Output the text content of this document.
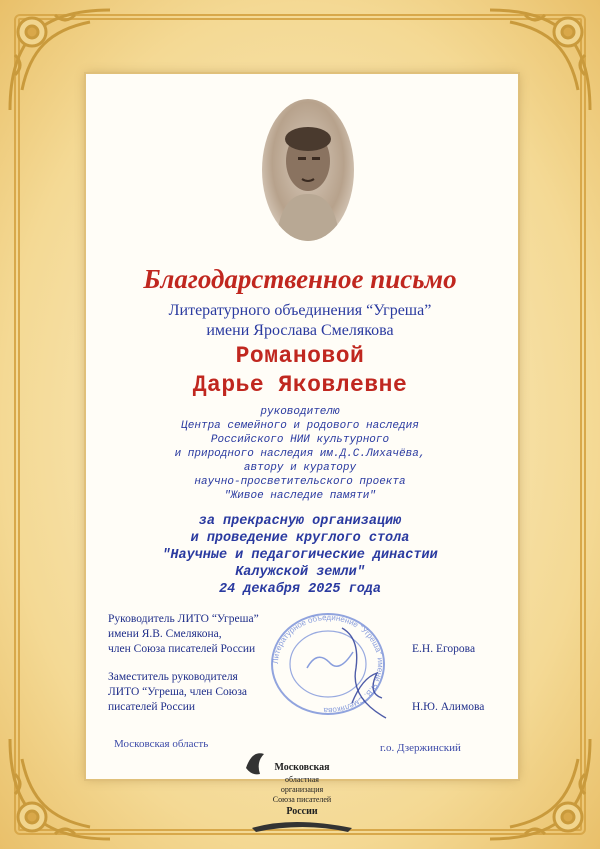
Благодарственное письмо
Литературного объединения “Угреша”
имени Ярослава Смелякова
Романовой
Дарье Яковлевне
руководителю
Центра семейного и родового наследия
Российского НИИ культурного
и природного наследия им.Д.С.Лихачёва,
автору и куратору
научно-просветительского проекта
"Живое наследие памяти"
за прекрасную организацию
и проведение круглого стола
"Научные и педагогические династии
Калужской земли"
24 декабря 2025 года
Литературное объединение "Угреша" имени Я.В. Смелякова
Руководитель ЛИТО “Угреша”
имени Я.В. Смелякона,
член Союза писателей России	Е.Н. Егорова
Заместитель руководителя
ЛИТО “Угреша, член Союза
писателей России	Н.Ю. Алимова
Московская область	г.о. Дзержинский
Московская
областная
организация
Союза писателей
России
